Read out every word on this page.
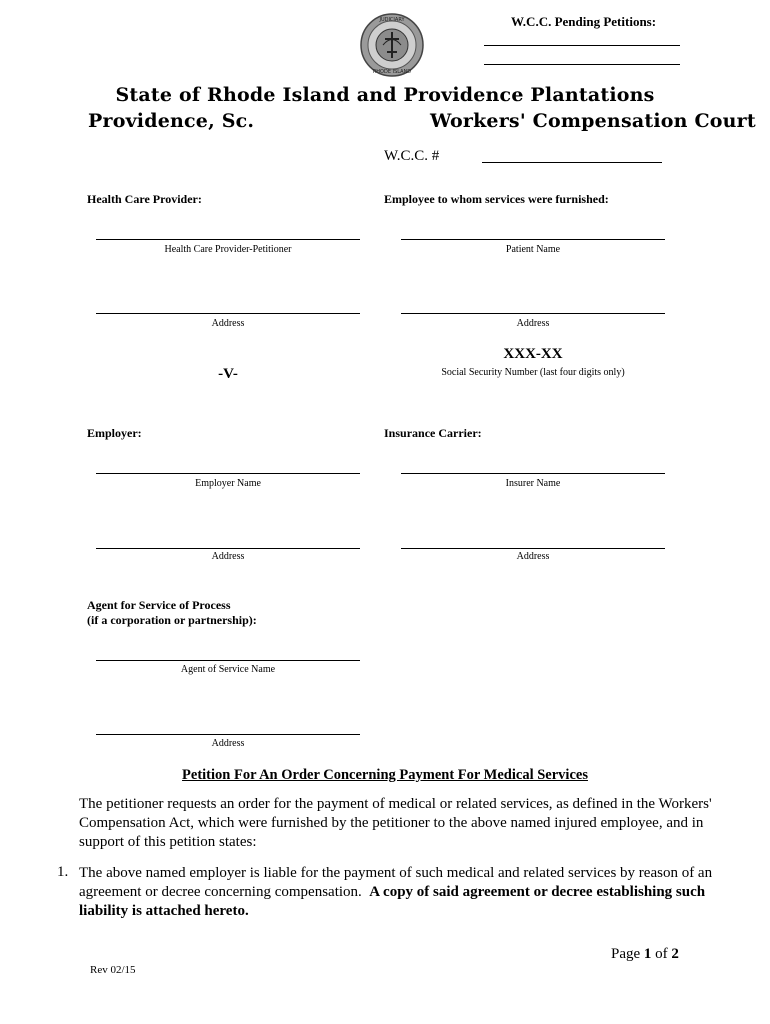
W.C.C. Pending Petitions:
JUDICIARY
RHODE ISLAND
State of Rhode Island and Providence Plantations
Providence, Sc.	Workers' Compensation Court
W.C.C. #
Health Care Provider:
Health Care Provider-Petitioner
Address
Employee to whom services were furnished:
Patient Name
Address
-V-
XXX-XX
Social Security Number (last four digits only)
Employer:	Insurance Carrier:
Employer Name	Insurer Name
Address	Address
Agent for Service of Process
(if a corporation or partnership):
Agent of Service Name
Address
Petition For An Order Concerning Payment For Medical Services
The petitioner requests an order for the payment of medical or related services, as defined in the Workers'
Compensation Act, which were furnished by the petitioner to the above named injured employee, and in
support of this petition states:
1. The above named employer is liable for the payment of such medical and related services by reason of an
agreement or decree concerning compensation. A copy of said agreement or decree establishing such
liability is attached hereto.
Page 1 of 2
Rev 02/15
